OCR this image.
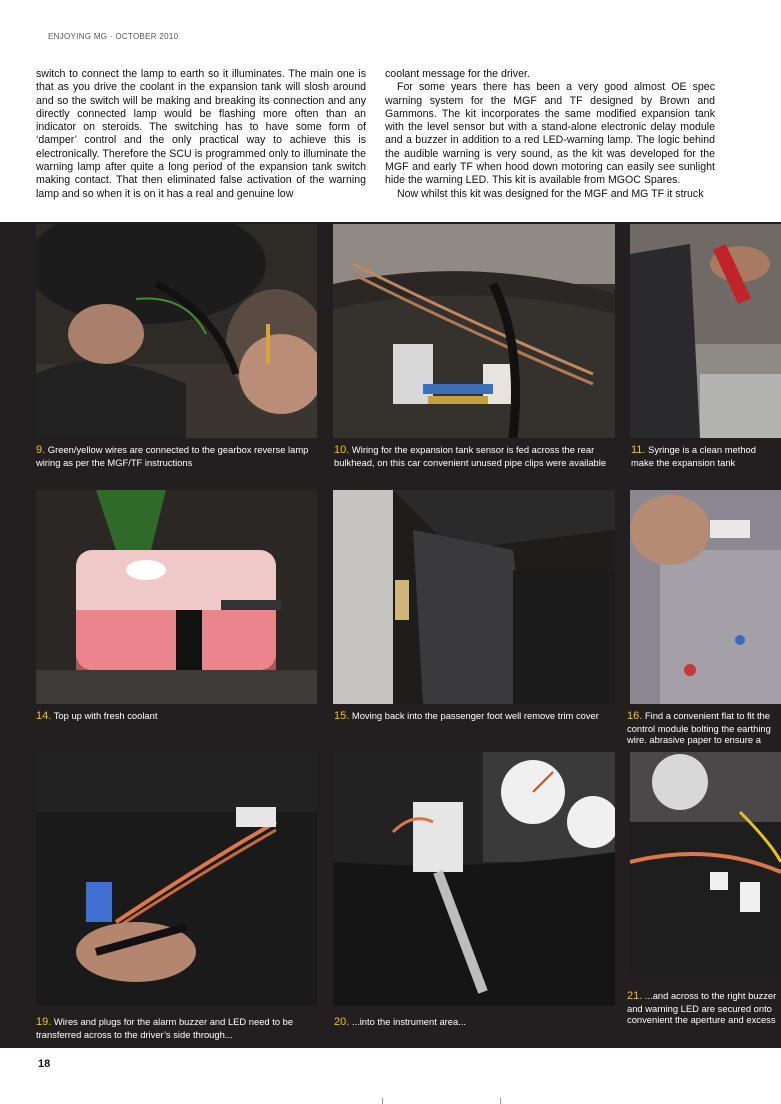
ENJOYING MG - OCTOBER 2010

switch to connect the lamp to earth so it illuminates. The main one is that as you drive the coolant in the expansion tank will slosh around and so the switch will be making and breaking its connection and any directly connected lamp would be flashing more often than an indicator on steroids. The switching has to have some form of ‘damper’ control and the only practical way to achieve this is electronically. Therefore the SCU is programmed only to illuminate the warning lamp after quite a long period of the expansion tank switch making contact. That then eliminated false activation of the warning lamp and so when it is on it has a real and genuine low

coolant message for the driver.

For some years there has been a very good almost OE spec warning system for the MGF and TF designed by Brown and Gammons. The kit incorporates the same modified expansion tank with the level sensor but with a stand-alone electronic delay module and a buzzer in addition to a red LED-warning lamp. The logic behind the audible warning is very sound, as the kit was developed for the MGF and early TF when hood down motoring can easily see sunlight hide the warning LED. This kit is available from MGOC Spares.

Now whilst this kit was designed for the MGF and MG TF it struck

9. Green/yellow wires are connected to the gearbox reverse lamp wiring as per the MGF/TF instructions
10. Wiring for the expansion tank sensor is fed across the rear bulkhead, on this car convenient unused pipe clips were available
11. Syringe is a clean method make the expansion tank
14. Top up with fresh coolant	15. Moving back into the passenger foot well remove trim cover	16. Find a convenient flat to fit the control module bolting the earthing wire. abrasive paper to ensure a
19. Wires and plugs for the alarm buzzer and LED need to be transferred across to the driver’s side through...
20. ...into the instrument area...
21. ...and across to the right buzzer and warning LED are secured onto convenient the aperture and excess
18
